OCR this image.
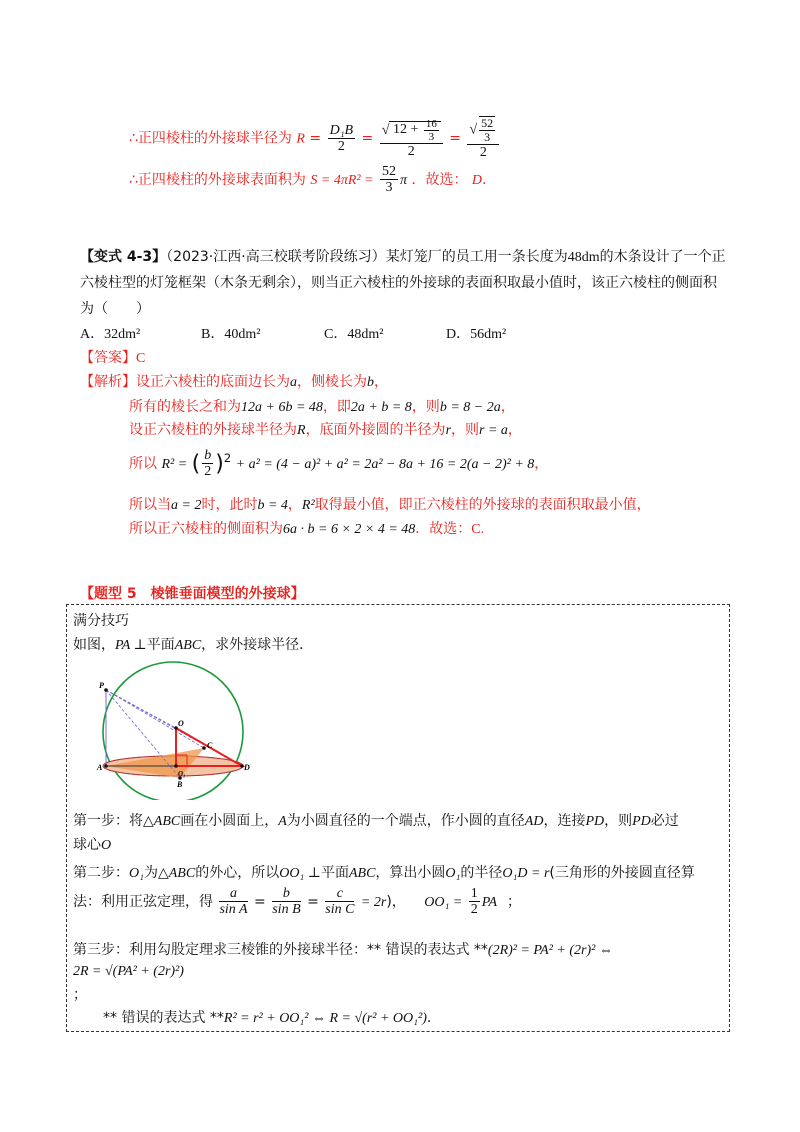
∴正四棱柱的外接球半径为 $R = \frac{\text{D₁B}}{2} = \frac{√ 12 + \frac{16}{3}}{2} = \frac{√ \frac{52}{3}}{2}$
∴正四棱柱的外接球表面积为 $S = 4\pi R^2 = \frac{52}{3}$ π ．故选： D.
【变式 4-3】（2023·江西·高三校联考阶段练习）某灯笼厂的员工用一条长度为48dm的木条设计了一个正
六棱柱型的灯笼框架（木条无剩余），则当正六棱柱的外接球的表面积取最小值时，该正六棱柱的侧面积
为（　　）
A．32dm²	B．40dm²	C．48dm²	D．56dm²
【答案】C
【解析】设正六棱柱的底面边长为a，侧棱长为b，
所有的棱长之和为12a + 6b = 48，即2a + b = 8，则b = 8 − 2a，
设正六棱柱的外接球半径为R，底面外接圆的半径为r，则r = a，
所以 R² = ( $\frac{b}{2} )^2 + a^2 = (4 - a)^2 + a^2 = 2a^2 - 8a + 16 = 2(a - 2)^2 + 8$，
所以当a = 2时，此时b = 4，R²取得最小值，即正六棱柱的外接球的表面积取最小值，
所以正六棱柱的侧面积为6a · b = 6 × 2 × 4 = 48．故选：C.
【题型 5　棱锥垂面模型的外接球】
满分技巧
如图，PA ⊥平面ABC，求外接球半径．
P
O
C
O₁
A
B
D
第一步：将△ABC画在小圆面上，A为小圆直径的一个端点，作小圆的直径AD，连接PD，则PD必过
球心O
第二步：O₁为△ABC的外心，所以OO₁ ⊥平面ABC，算出小圆O₁的半径O₁D = r(三角形的外接圆直径算
法：利用正弦定理，得 $\frac{a}{\text{sin A}} = \frac{b}{\text{sin B}} = \frac{c}{\text{sin C}} = 2r$)， $OO_1 = \frac{1}{2}$ PA ；
第三步：利用勾股定理求三棱锥的外接球半径：** 错误的表达式 **(2R)² = PA² + (2r)² ⇔
2R = √(PA² + (2r)²)
；
** 错误的表达式 **R² = r² + OO₁² ⇔ R = √(r² + OO₁²).
